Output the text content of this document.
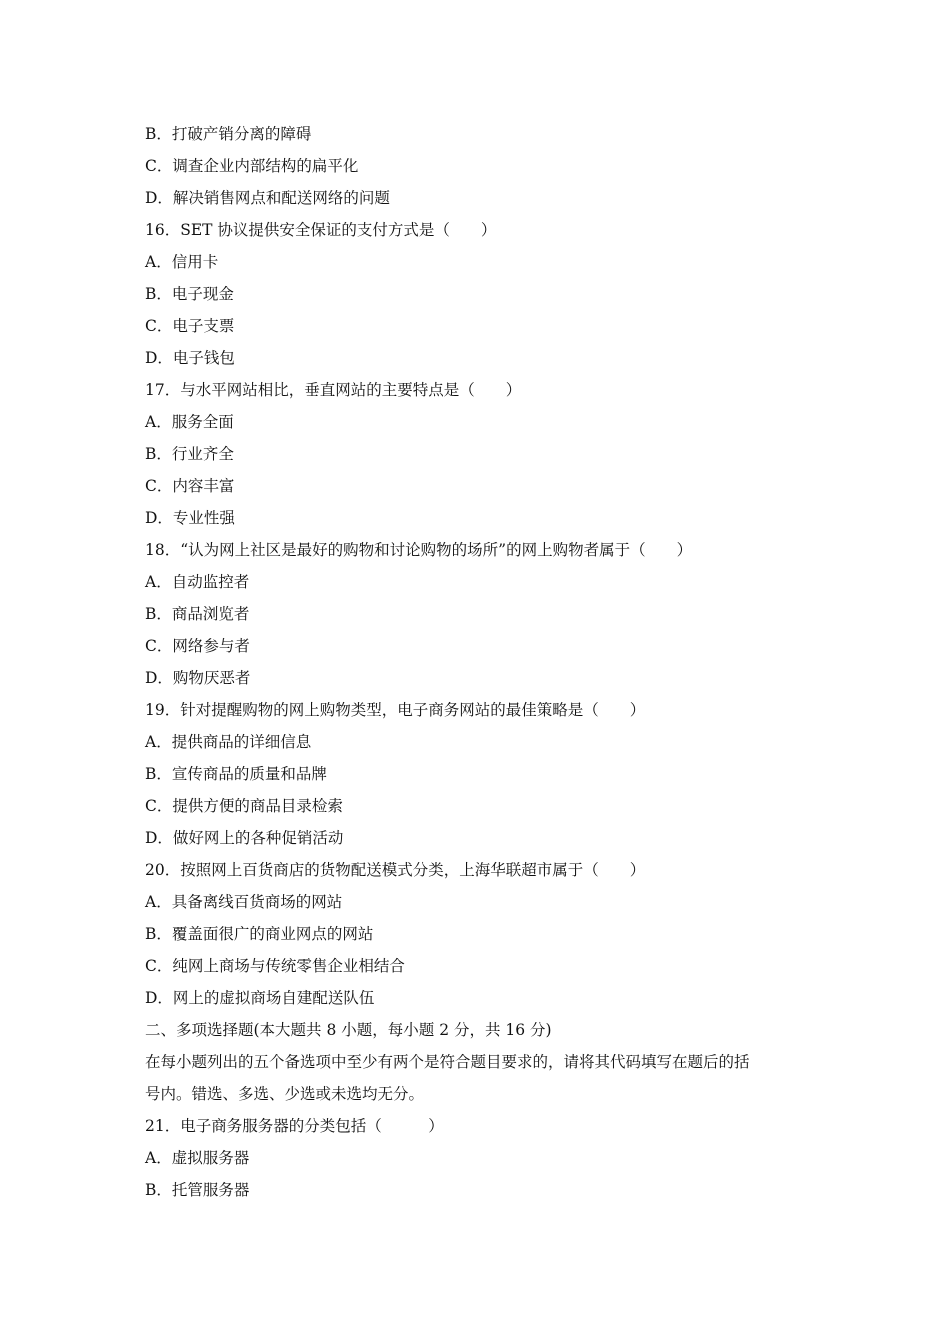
B．打破产销分离的障碍

C．调查企业内部结构的扁平化

D．解决销售网点和配送网络的问题

16．SET 协议提供安全保证的支付方式是（　　）

A．信用卡

B．电子现金

C．电子支票

D．电子钱包

17．与水平网站相比，垂直网站的主要特点是（　　）

A．服务全面

B．行业齐全

C．内容丰富

D．专业性强

18．“认为网上社区是最好的购物和讨论购物的场所”的网上购物者属于（　　）

A．自动监控者

B．商品浏览者

C．网络参与者

D．购物厌恶者

19．针对提醒购物的网上购物类型，电子商务网站的最佳策略是（　　）

A．提供商品的详细信息

B．宣传商品的质量和品牌

C．提供方便的商品目录检索

D．做好网上的各种促销活动

20．按照网上百货商店的货物配送模式分类，上海华联超市属于（　　）

A．具备离线百货商场的网站

B．覆盖面很广的商业网点的网站

C．纯网上商场与传统零售企业相结合

D．网上的虚拟商场自建配送队伍

二、多项选择题(本大题共 8 小题，每小题 2 分，共 16 分)

在每小题列出的五个备选项中至少有两个是符合题目要求的，请将其代码填写在题后的括

号内。错选、多选、少选或未选均无分。

21．电子商务服务器的分类包括（　　　）

A．虚拟服务器

B．托管服务器
